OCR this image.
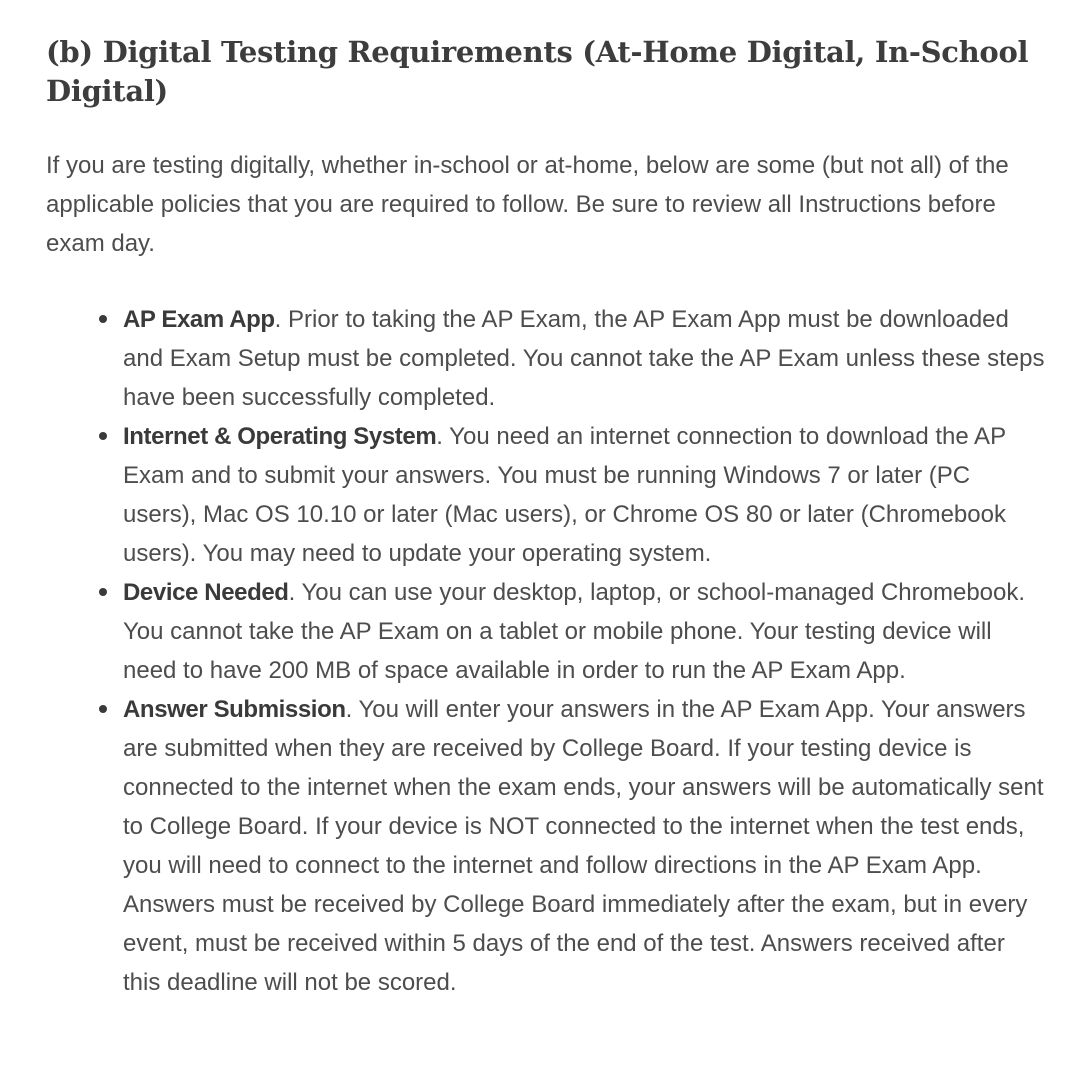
(b) Digital Testing Requirements (At-Home Digital, In-School Digital)

If you are testing digitally, whether in-school or at-home, below are some (but not all) of the applicable policies that you are required to follow. Be sure to review all Instructions before exam day.

AP Exam App. Prior to taking the AP Exam, the AP Exam App must be downloaded and Exam Setup must be completed. You cannot take the AP Exam unless these steps have been successfully completed.
Internet & Operating System. You need an internet connection to download the AP Exam and to submit your answers. You must be running Windows 7 or later (PC users), Mac OS 10.10 or later (Mac users), or Chrome OS 80 or later (Chromebook users). You may need to update your operating system.
Device Needed. You can use your desktop, laptop, or school-managed Chromebook. You cannot take the AP Exam on a tablet or mobile phone. Your testing device will need to have 200 MB of space available in order to run the AP Exam App.
Answer Submission. You will enter your answers in the AP Exam App. Your answers are submitted when they are received by College Board. If your testing device is connected to the internet when the exam ends, your answers will be automatically sent to College Board. If your device is NOT connected to the internet when the test ends, you will need to connect to the internet and follow directions in the AP Exam App. Answers must be received by College Board immediately after the exam, but in every event, must be received within 5 days of the end of the test. Answers received after this deadline will not be scored.
